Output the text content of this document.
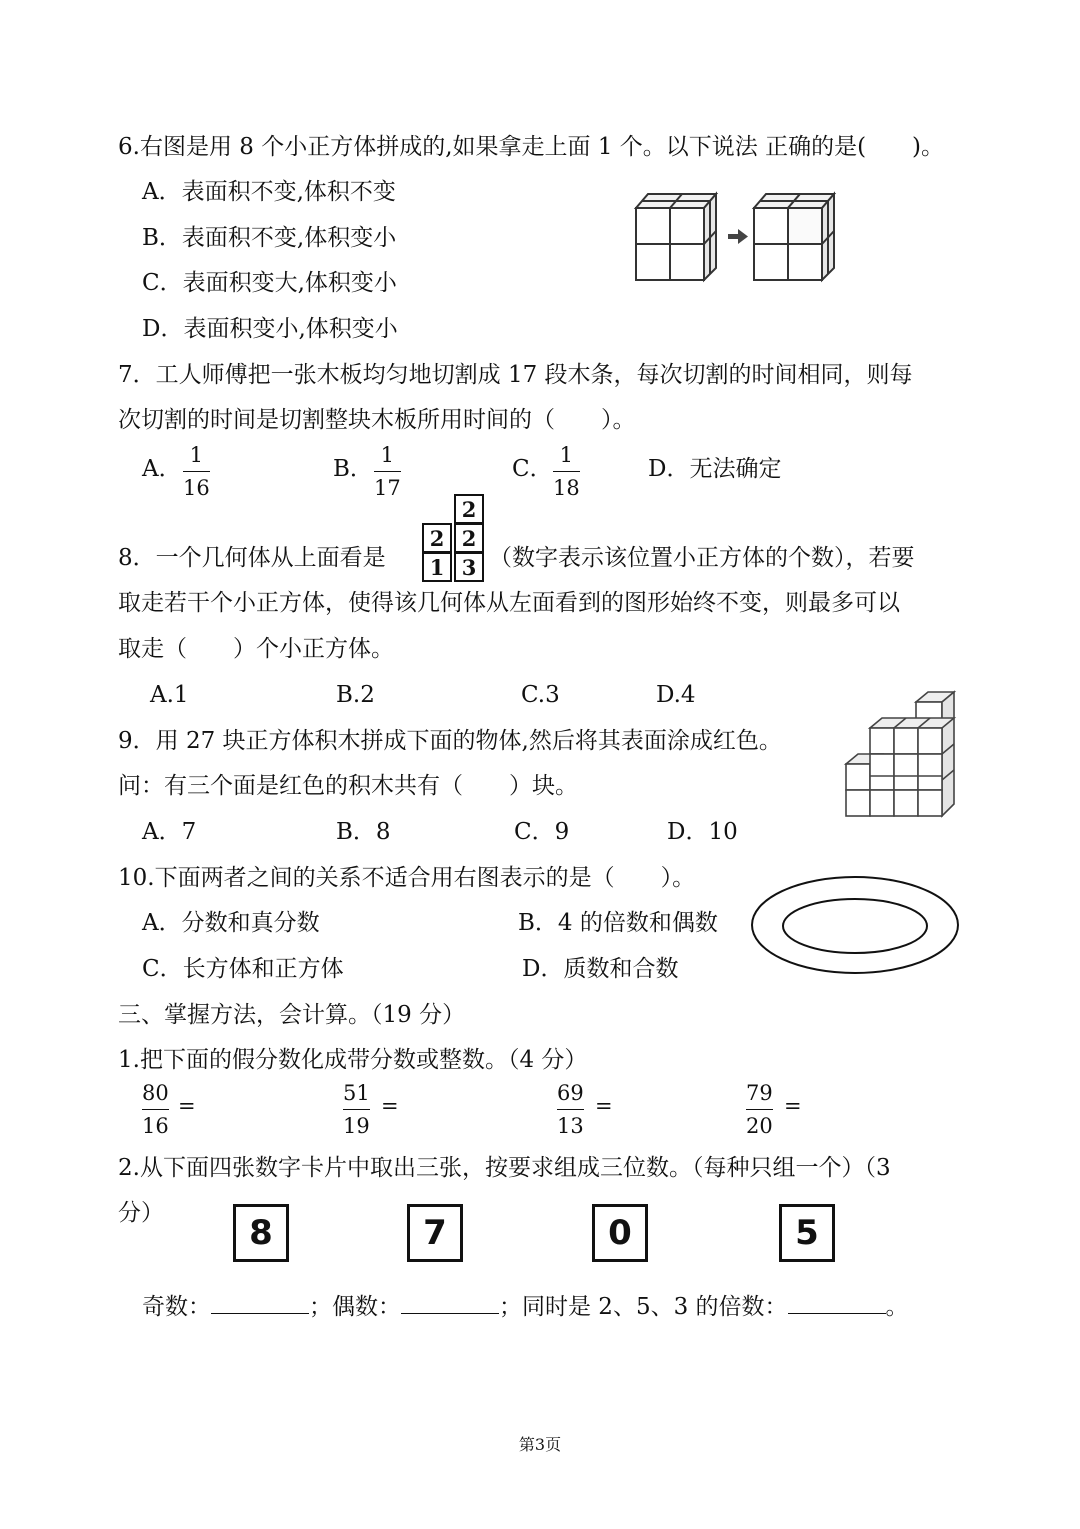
6.右图是用 8 个小正方体拼成的,如果拿走上面 1 个。以下说法 正确的是(　　)。
A．表面积不变,体积不变
B．表面积不变,体积变小
C．表面积变大,体积变小
D．表面积变小,体积变小
7．工人师傅把一张木板均匀地切割成 17 段木条，每次切割的时间相同，则每
次切割的时间是切割整块木板所用时间的（　　）。
A．
1
16
B．
1
17
C．
1
18
D．无法确定
8．一个几何体从上面看是
2
2 2
1 3 （数字表示该位置小正方体的个数），若要
取走若干个小正方体，使得该几何体从左面看到的图形始终不变，则最多可以
取走（　　）个小正方体。
A.1	B.2	C.3	D.4
9．用 27 块正方体积木拼成下面的物体,然后将其表面涂成红色。
问：有三个面是红色的积木共有（　　）块。
A．7	B．8	C．9	D．10
10.下面两者之间的关系不适合用右图表示的是（　　）。
A．分数和真分数	B．4 的倍数和偶数
C．长方体和正方体	D．质数和合数
三、掌握方法，会计算。（19 分）
1.把下面的假分数化成带分数或整数。（4 分）
80
16
=
51
19
=
69
13
=
79
20
=
2.从下面四张数字卡片中取出三张，按要求组成三位数。（每种只组一个）（3
分）	8	7	0	5
奇数：	；偶数：	；同时是 2、5、3 的倍数：	。
第3页
